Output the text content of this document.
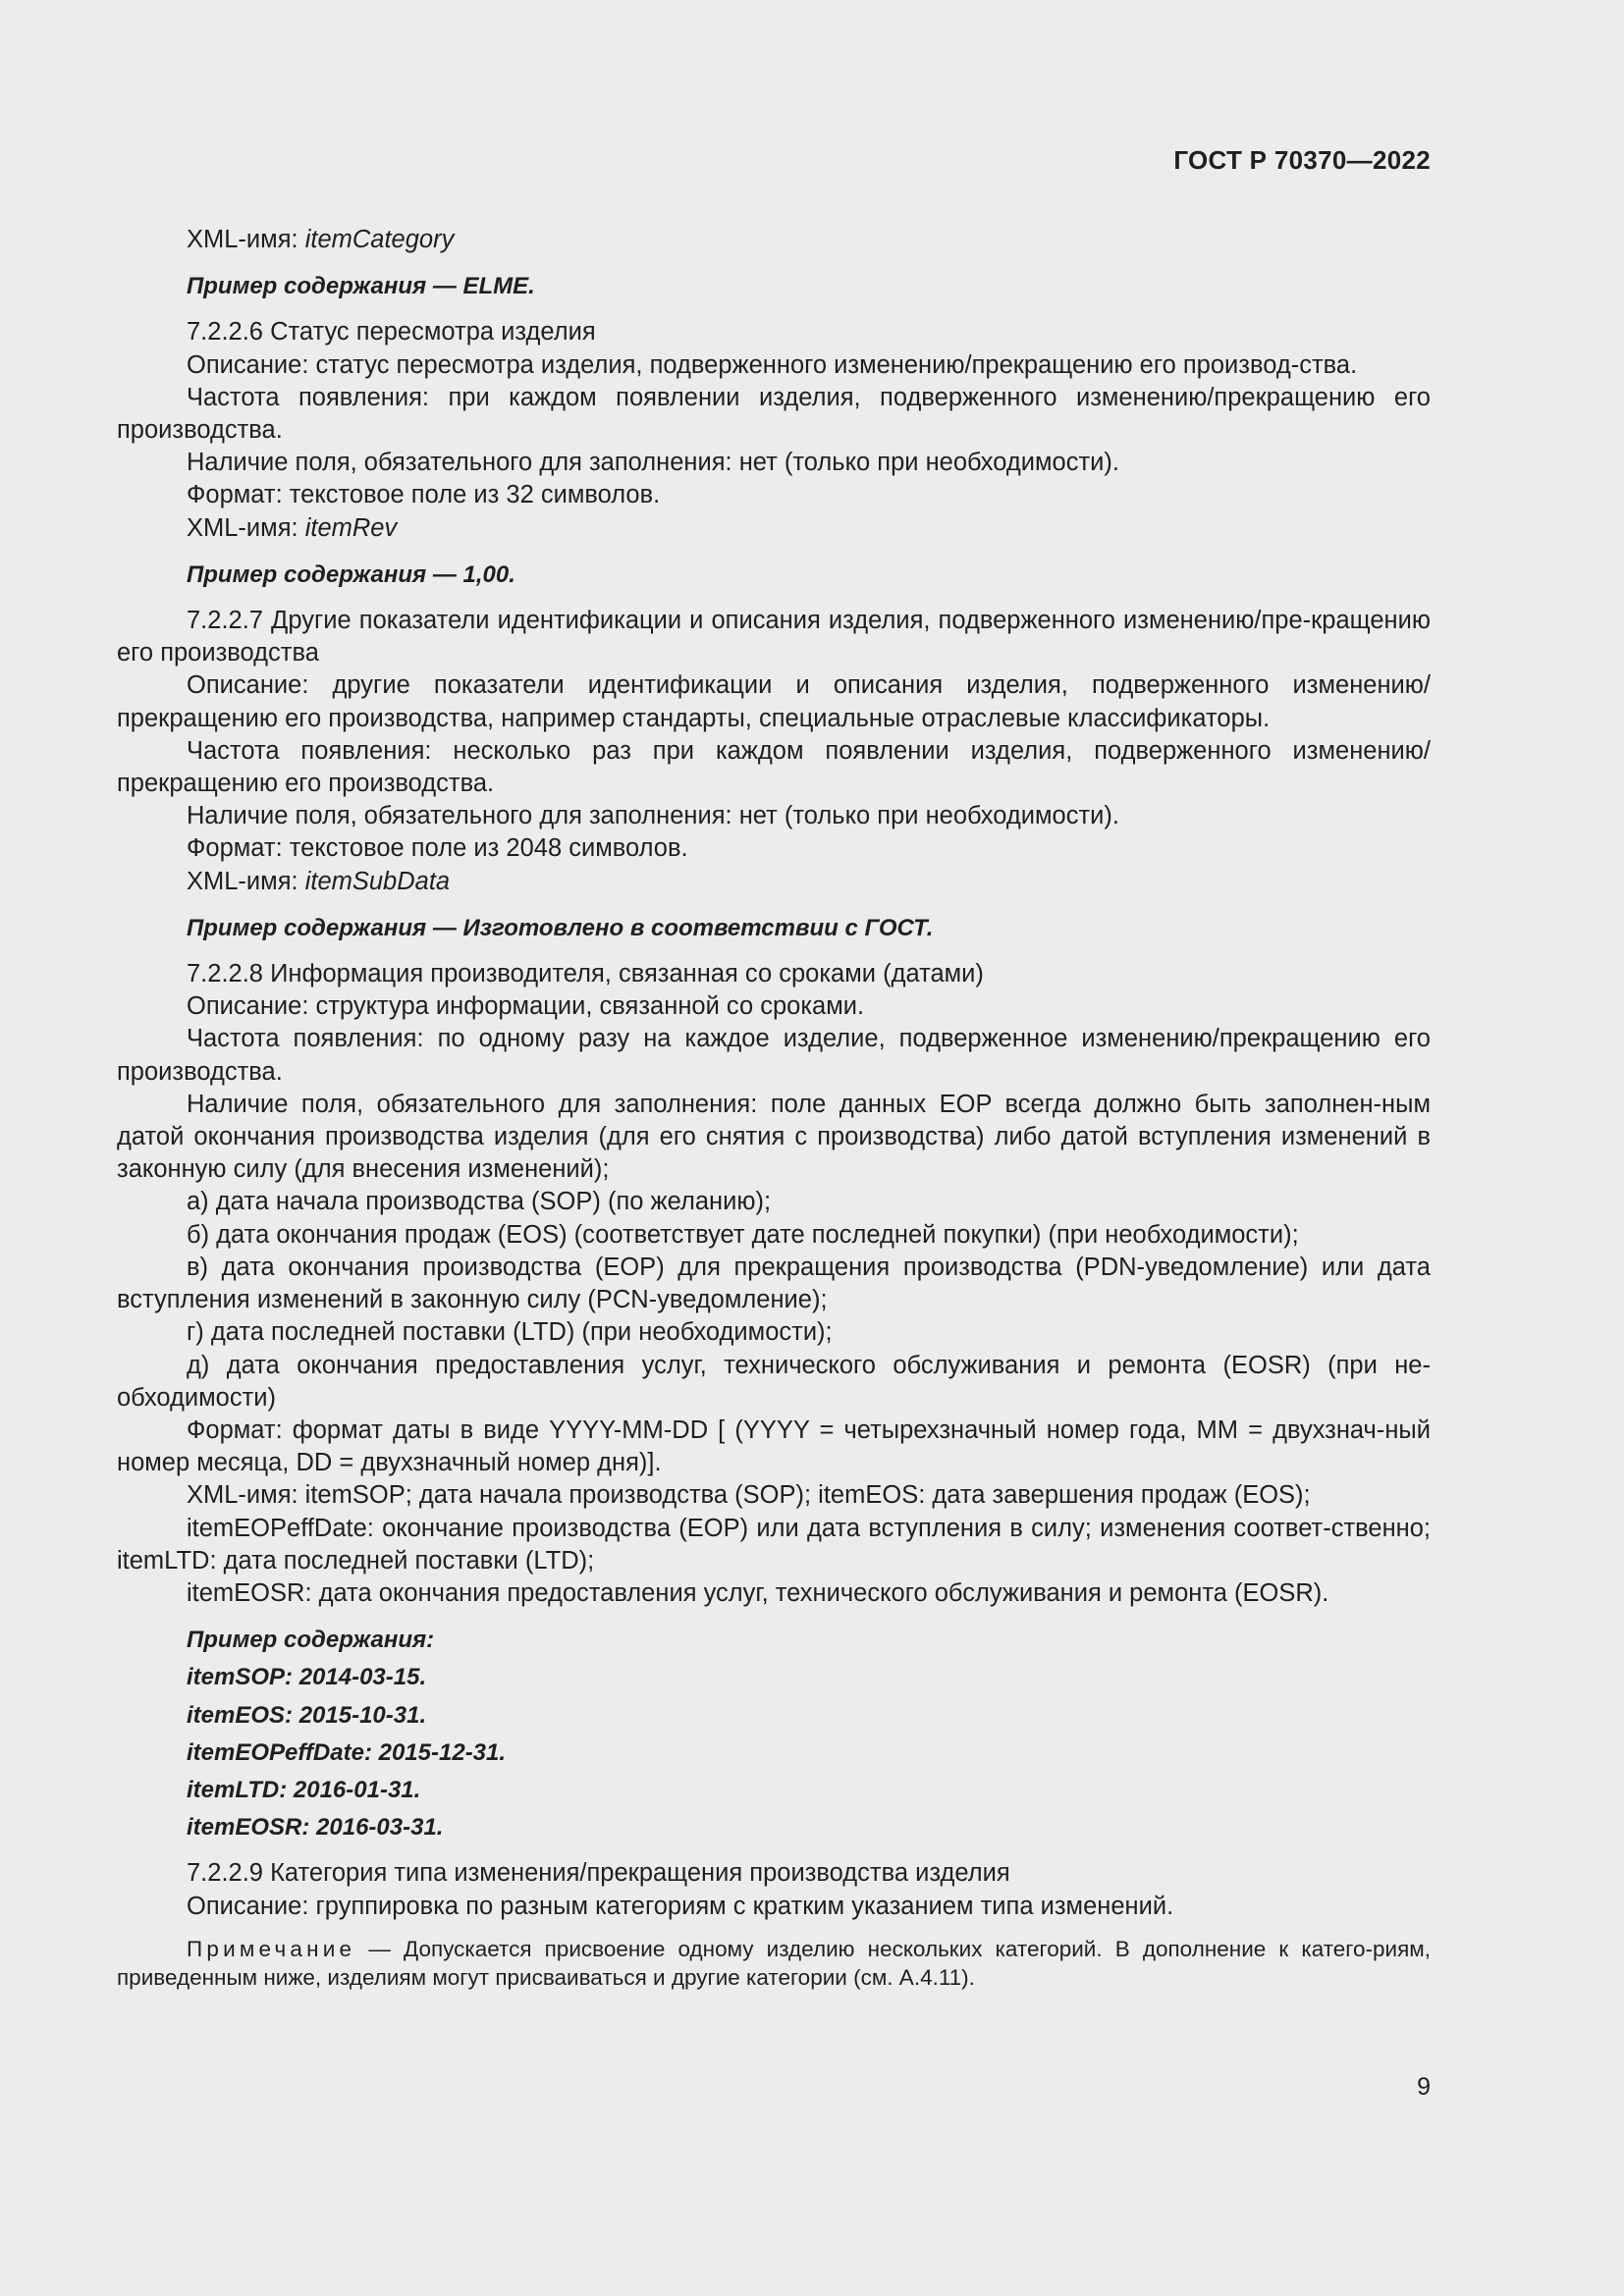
ГОСТ Р 70370—2022

XML-имя: itemCategory

Пример содержания — ELME.

7.2.2.6 Статус пересмотра изделия

Описание: статус пересмотра изделия, подверженного изменению/прекращению его производ-ства.

Частота появления: при каждом появлении изделия, подверженного изменению/прекращению его производства.

Наличие поля, обязательного для заполнения: нет (только при необходимости).

Формат: текстовое поле из 32 символов.

XML-имя: itemRev

Пример содержания — 1,00.

7.2.2.7 Другие показатели идентификации и описания изделия, подверженного изменению/пре-кращению его производства

Описание: другие показатели идентификации и описания изделия, подверженного изменению/ прекращению его производства, например стандарты, специальные отраслевые классификаторы.

Частота появления: несколько раз при каждом появлении изделия, подверженного изменению/ прекращению его производства.

Наличие поля, обязательного для заполнения: нет (только при необходимости).

Формат: текстовое поле из 2048 символов.

XML-имя: itemSubData

Пример содержания — Изготовлено в соответствии с ГОСТ.

7.2.2.8 Информация производителя, связанная со сроками (датами)

Описание: структура информации, связанной со сроками.

Частота появления: по одному разу на каждое изделие, подверженное изменению/прекращению его производства.

Наличие поля, обязательного для заполнения: поле данных EOP всегда должно быть заполнен-ным датой окончания производства изделия (для его снятия с производства) либо датой вступления изменений в законную силу (для внесения изменений);

а) дата начала производства (SOP) (по желанию);

б) дата окончания продаж (EOS) (соответствует дате последней покупки) (при необходимости);

в) дата окончания производства (EOP) для прекращения производства (PDN-уведомление) или дата вступления изменений в законную силу (PCN-уведомление);

г) дата последней поставки (LTD) (при необходимости);

д) дата окончания предоставления услуг, технического обслуживания и ремонта (EOSR) (при не-обходимости)

Формат: формат даты в виде YYYY-MM-DD [ (YYYY = четырехзначный номер года, MM = двухзнач-ный номер месяца, DD = двухзначный номер дня)].

XML-имя: itemSOP; дата начала производства (SOP); itemEOS: дата завершения продаж (EOS);

itemEOPeffDate: окончание производства (EOP) или дата вступления в силу; изменения соответ-ственно; itemLTD: дата последней поставки (LTD);

itemEOSR: дата окончания предоставления услуг, технического обслуживания и ремонта (EOSR).

Пример содержания:

itemSOP: 2014-03-15.

itemEOS: 2015-10-31.

itemEOPeffDate: 2015-12-31.

itemLTD: 2016-01-31.

itemEOSR: 2016-03-31.

7.2.2.9 Категория типа изменения/прекращения производства изделия

Описание: группировка по разным категориям с кратким указанием типа изменений.

Примечание — Допускается присвоение одному изделию нескольких категорий. В дополнение к катего-риям, приведенным ниже, изделиям могут присваиваться и другие категории (см. А.4.11).

9
